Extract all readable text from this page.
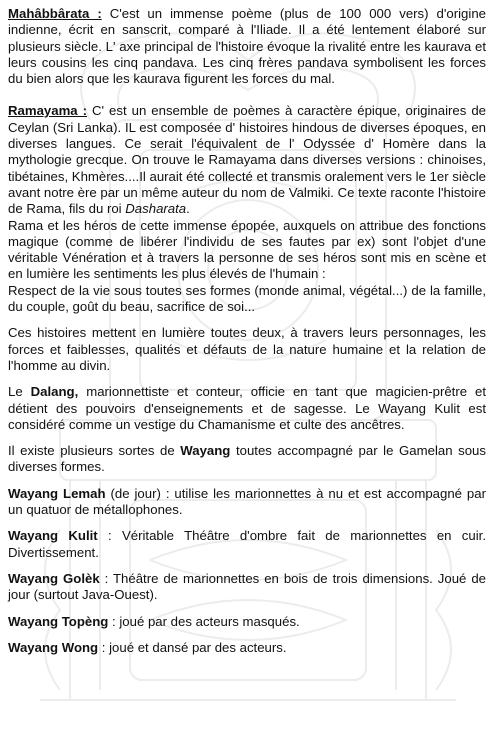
Mahâbbârata : C'est un immense poème (plus de 100 000 vers) d'origine indienne, écrit en sanscrit, comparé à l'Iliade. Il a été lentement élaboré sur plusieurs siècle. L' axe principal de l'histoire évoque la rivalité entre les kaurava et leurs cousins les cinq pandava. Les cinq frères pandava symbolisent les forces du bien alors que les kaurava figurent les forces du mal.

Ramayama : C' est un ensemble de poèmes à caractère épique, originaires de Ceylan (Sri Lanka). IL est composée d' histoires hindous de diverses époques, en diverses langues. Ce serait l'équivalent de l' Odyssée d' Homère dans la mythologie grecque. On trouve le Ramayama dans diverses versions : chinoises, tibétaines, Khmères....Il aurait été collecté et transmis oralement vers le 1er siècle avant notre ère par un même auteur du nom de Valmiki. Ce texte raconte l'histoire de Rama, fils du roi Dasharata.

Rama et les héros de cette immense épopée, auxquels on attribue des fonctions magique (comme de libérer l'individu de ses fautes par ex) sont l'objet d'une véritable Vénération et à travers la personne de ses héros sont mis en scène et en lumière les sentiments les plus élevés de l'humain :

Respect de la vie sous toutes ses formes (monde animal, végétal...) de la famille, du couple, goût du beau, sacrifice de soi...

Ces histoires mettent en lumière toutes deux, à travers leurs personnages, les forces et faiblesses, qualités et défauts de la nature humaine et la relation de l'homme au divin.

Le Dalang, marionnettiste et conteur, officie en tant que magicien-prêtre et détient des pouvoirs d'enseignements et de sagesse. Le Wayang Kulit est considéré comme un vestige du Chamanisme et culte des ancêtres.

Il existe plusieurs sortes de Wayang toutes accompagné par le Gamelan sous diverses formes.

Wayang Lemah (de jour) : utilise les marionnettes à nu et est accompagné par un quatuor de métallophones.

Wayang Kulit : Véritable Théâtre d'ombre fait de marionnettes en cuir. Divertissement.

Wayang Golèk : Théâtre de marionnettes en bois de trois dimensions. Joué de jour (surtout Java-Ouest).

Wayang Topèng : joué par des acteurs masqués.

Wayang Wong : joué et dansé par des acteurs.
